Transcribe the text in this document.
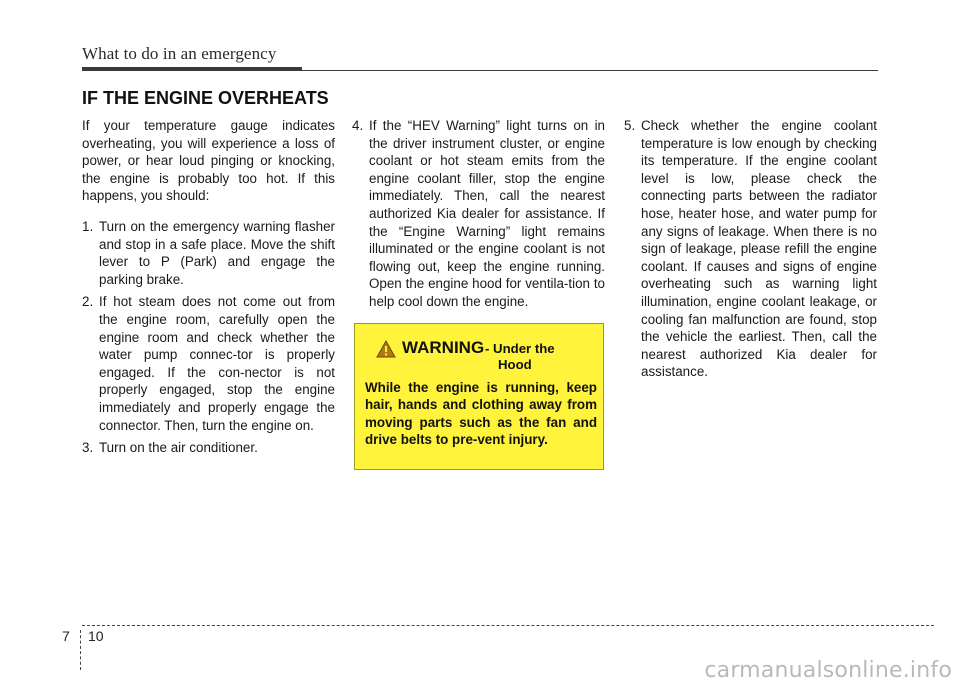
What to do in an emergency
IF THE ENGINE OVERHEATS

If your temperature gauge indicates overheating, you will experience a loss of power, or hear loud pinging or knocking, the engine is probably too hot. If this happens, you should:

1. Turn on the emergency warning flasher and stop in a safe place. Move the shift lever to P (Park) and engage the parking brake.
2. If hot steam does not come out from the engine room, carefully open the engine room and check whether the water pump connec-tor is properly engaged. If the con-nector is not properly engaged, stop the engine immediately and properly engage the connector. Then, turn the engine on.
3. Turn on the air conditioner.
4. If the “HEV Warning” light turns on in the driver instrument cluster, or engine coolant or hot steam emits from the engine coolant filler, stop the engine immediately. Then, call the nearest authorized Kia dealer for assistance. If the “Engine Warning” light remains illuminated or the engine coolant is not flowing out, keep the engine running. Open the engine hood for ventila-tion to help cool down the engine.
WARNING - Under the
Hood
While the engine is running, keep hair, hands and clothing away from moving parts such as the fan and drive belts to pre-vent injury.
5. Check whether the engine coolant temperature is low enough by checking its temperature. If the engine coolant level is low, please check the connecting parts between the radiator hose, heater hose, and water pump for any signs of leakage. When there is no sign of leakage, please refill the engine coolant. If causes and signs of engine overheating such as warning light illumination, engine coolant leakage, or cooling fan malfunction are found, stop the vehicle the earliest. Then, call the nearest authorized Kia dealer for assistance.
7 10
carmanualsonline.info
